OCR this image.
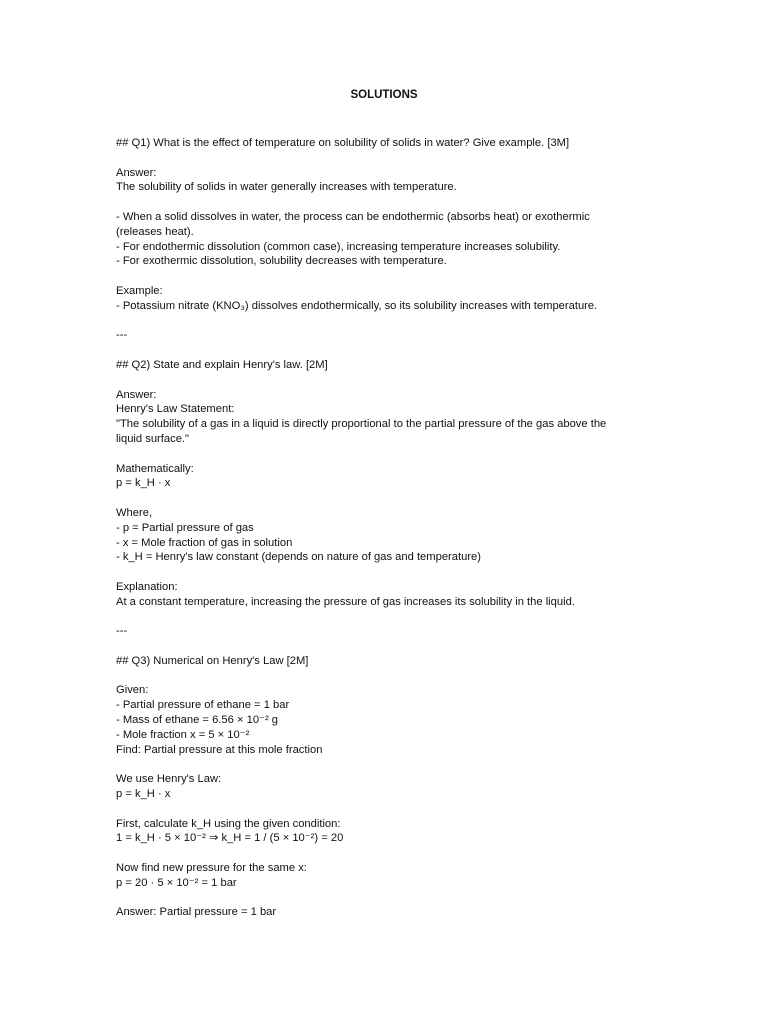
SOLUTIONS
## Q1) What is the effect of temperature on solubility of solids in water? Give example. [3M]
Answer:
The solubility of solids in water generally increases with temperature.
- When a solid dissolves in water, the process can be endothermic (absorbs heat) or exothermic
(releases heat).
- For endothermic dissolution (common case), increasing temperature increases solubility.
- For exothermic dissolution, solubility decreases with temperature.
Example:
- Potassium nitrate (KNO₃) dissolves endothermically, so its solubility increases with temperature.
---
## Q2) State and explain Henry's law. [2M]
Answer:
Henry's Law Statement:
"The solubility of a gas in a liquid is directly proportional to the partial pressure of the gas above the
liquid surface."
Mathematically:
p = k_H · x
Where,
- p = Partial pressure of gas
- x = Mole fraction of gas in solution
- k_H = Henry's law constant (depends on nature of gas and temperature)
Explanation:
At a constant temperature, increasing the pressure of gas increases its solubility in the liquid.
---
## Q3) Numerical on Henry's Law [2M]
Given:
- Partial pressure of ethane = 1 bar
- Mass of ethane = 6.56 × 10⁻² g
- Mole fraction x = 5 × 10⁻²
Find: Partial pressure at this mole fraction
We use Henry's Law:
p = k_H · x
First, calculate k_H using the given condition:
1 = k_H · 5 × 10⁻² ⇒ k_H = 1 / (5 × 10⁻²) = 20
Now find new pressure for the same x:
p = 20 · 5 × 10⁻² = 1 bar
Answer: Partial pressure = 1 bar
